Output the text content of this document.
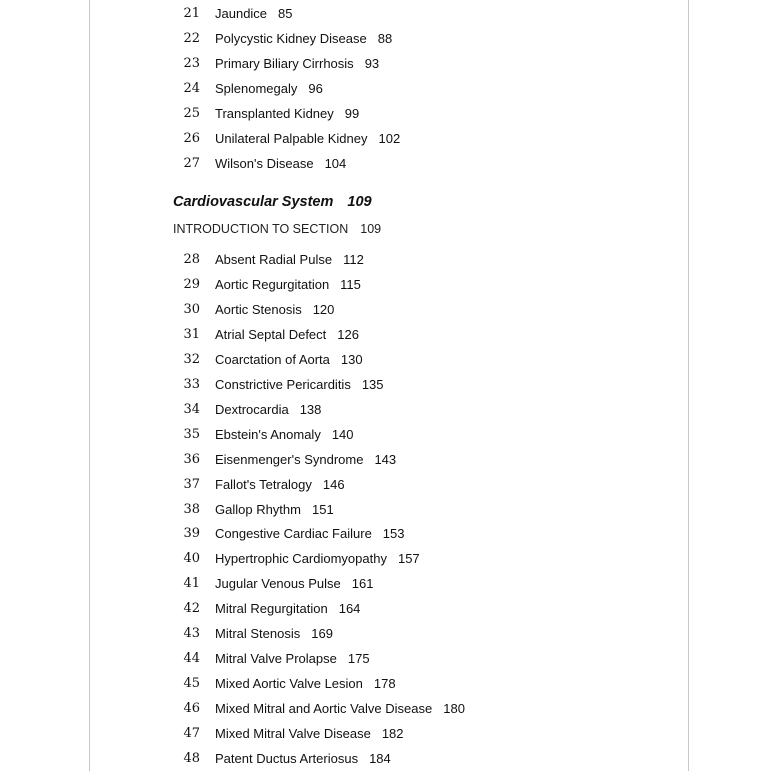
21 Jaundice 85
22 Polycystic Kidney Disease 88
23 Primary Biliary Cirrhosis 93
24 Splenomegaly 96
25 Transplanted Kidney 99
26 Unilateral Palpable Kidney 102
27 Wilson's Disease 104
Cardiovascular System 109
INTRODUCTION TO SECTION 109
28 Absent Radial Pulse 112
29 Aortic Regurgitation 115
30 Aortic Stenosis 120
31 Atrial Septal Defect 126
32 Coarctation of Aorta 130
33 Constrictive Pericarditis 135
34 Dextrocardia 138
35 Ebstein's Anomaly 140
36 Eisenmenger's Syndrome 143
37 Fallot's Tetralogy 146
38 Gallop Rhythm 151
39 Congestive Cardiac Failure 153
40 Hypertrophic Cardiomyopathy 157
41 Jugular Venous Pulse 161
42 Mitral Regurgitation 164
43 Mitral Stenosis 169
44 Mitral Valve Prolapse 175
45 Mixed Aortic Valve Lesion 178
46 Mixed Mitral and Aortic Valve Disease 180
47 Mixed Mitral Valve Disease 182
48 Patent Ductus Arteriosus 184
